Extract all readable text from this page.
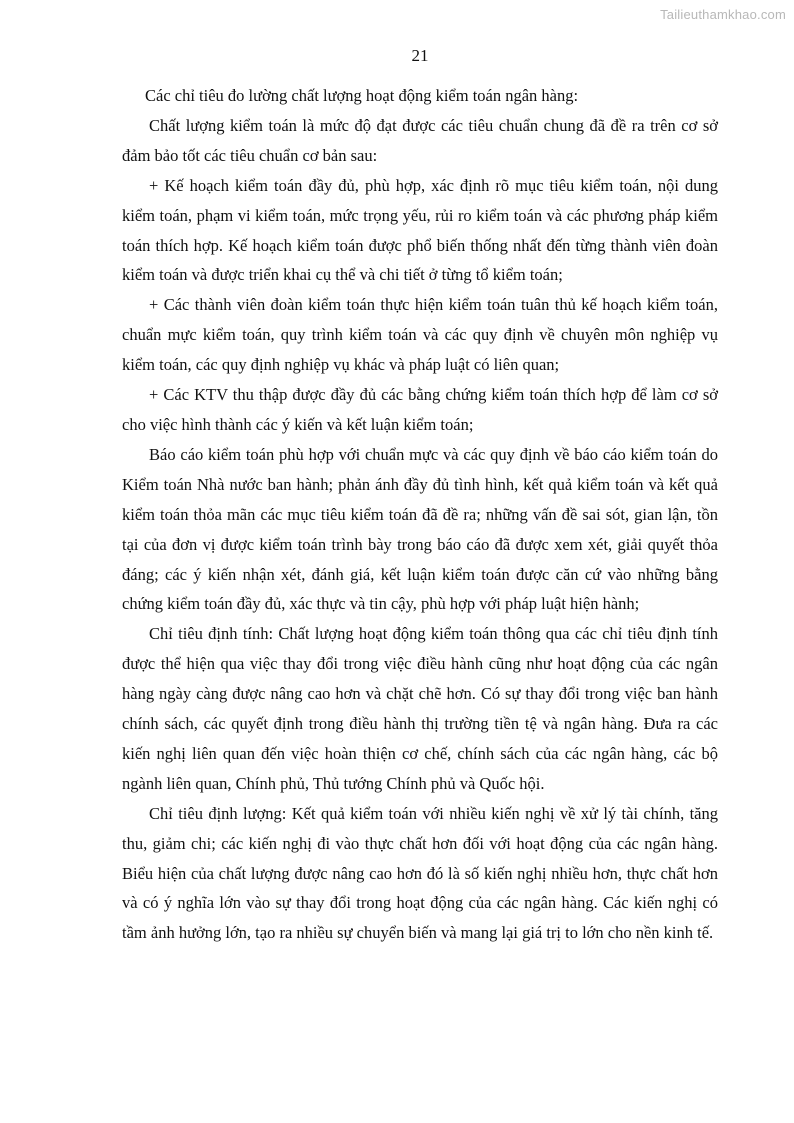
Tailieuthamkhao.com
21

Các chỉ tiêu đo lường chất lượng hoạt động kiểm toán ngân hàng:

Chất lượng kiểm toán là mức độ đạt được các tiêu chuẩn chung đã đề ra trên cơ sở đảm bảo tốt các tiêu chuẩn cơ bản sau:

+ Kế hoạch kiểm toán đầy đủ, phù hợp, xác định rõ mục tiêu kiểm toán, nội dung kiểm toán, phạm vi kiểm toán, mức trọng yếu, rủi ro kiểm toán và các phương pháp kiểm toán thích hợp. Kế hoạch kiểm toán được phổ biến thống nhất đến từng thành viên đoàn kiểm toán và được triển khai cụ thể và chi tiết ở từng tổ kiểm toán;

+ Các thành viên đoàn kiểm toán thực hiện kiểm toán tuân thủ kế hoạch kiểm toán, chuẩn mực kiểm toán, quy trình kiểm toán và các quy định về chuyên môn nghiệp vụ kiểm toán, các quy định nghiệp vụ khác và pháp luật có liên quan;

+ Các KTV thu thập được đầy đủ các bằng chứng kiểm toán thích hợp để làm cơ sở cho việc hình thành các ý kiến và kết luận kiểm toán;

Báo cáo kiểm toán phù hợp với chuẩn mực và các quy định về báo cáo kiểm toán do Kiểm toán Nhà nước ban hành; phản ánh đầy đủ tình hình, kết quả kiểm toán và kết quả kiểm toán thỏa mãn các mục tiêu kiểm toán đã đề ra; những vấn đề sai sót, gian lận, tồn tại của đơn vị được kiểm toán trình bày trong báo cáo đã được xem xét, giải quyết thỏa đáng; các ý kiến nhận xét, đánh giá, kết luận kiểm toán được căn cứ vào những bằng chứng kiểm toán đầy đủ, xác thực và tin cậy, phù hợp với pháp luật hiện hành;

Chỉ tiêu định tính: Chất lượng hoạt động kiểm toán thông qua các chỉ tiêu định tính được thể hiện qua việc thay đổi trong việc điều hành cũng như hoạt động của các ngân hàng ngày càng được nâng cao hơn và chặt chẽ hơn. Có sự thay đổi trong việc ban hành chính sách, các quyết định trong điều hành thị trường tiền tệ và ngân hàng. Đưa ra các kiến nghị liên quan đến việc hoàn thiện cơ chế, chính sách của các ngân hàng, các bộ ngành liên quan, Chính phủ, Thủ tướng Chính phủ và Quốc hội.

Chỉ tiêu định lượng: Kết quả kiểm toán với nhiều kiến nghị về xử lý tài chính, tăng thu, giảm chi; các kiến nghị đi vào thực chất hơn đối với hoạt động của các ngân hàng. Biểu hiện của chất lượng được nâng cao hơn đó là số kiến nghị nhiều hơn, thực chất hơn và có ý nghĩa lớn vào sự thay đổi trong hoạt động của các ngân hàng. Các kiến nghị có tầm ảnh hưởng lớn, tạo ra nhiều sự chuyển biến và mang lại giá trị to lớn cho nền kinh tế.
